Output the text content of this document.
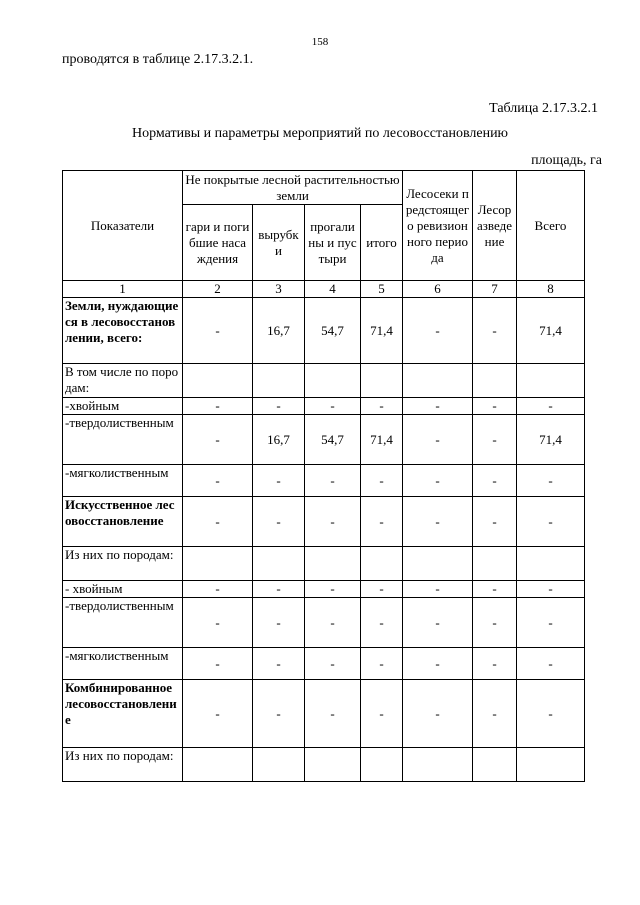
158
проводятся в таблице 2.17.3.2.1.
Таблица 2.17.3.2.1
Нормативы и параметры мероприятий по лесовосстановлению
площадь, га
Показатели	Не покрытые лесной растительностью земли				Лесосеки предстоящего ревизионного периода	Лесоразведение	Всего
	гари и погибшие насаждения	вырубки	прогалины и пустыри	итого			
1	2	3	4	5	6	7	8
Земли, нуждающиеся в лесовосстановлении, всего:	-	16,7	54,7	71,4	-	-	71,4
В том числе по породам:							
-хвойным	-	-	-	-	-	-	-
-твердолиственным	-	16,7	54,7	71,4	-	-	71,4
-мягколиственным	-	-	-	-	-	-	-
Искусственное лесовосстановление	-	-	-	-	-	-	-
Из них по породам:							
- хвойным	-	-	-	-	-	-	-
-твердолиственным	-	-	-	-	-	-	-
-мягколиственным	-	-	-	-	-	-	-
Комбинированное лесовосстановление	-	-	-	-	-	-	-
Из них по породам:							
